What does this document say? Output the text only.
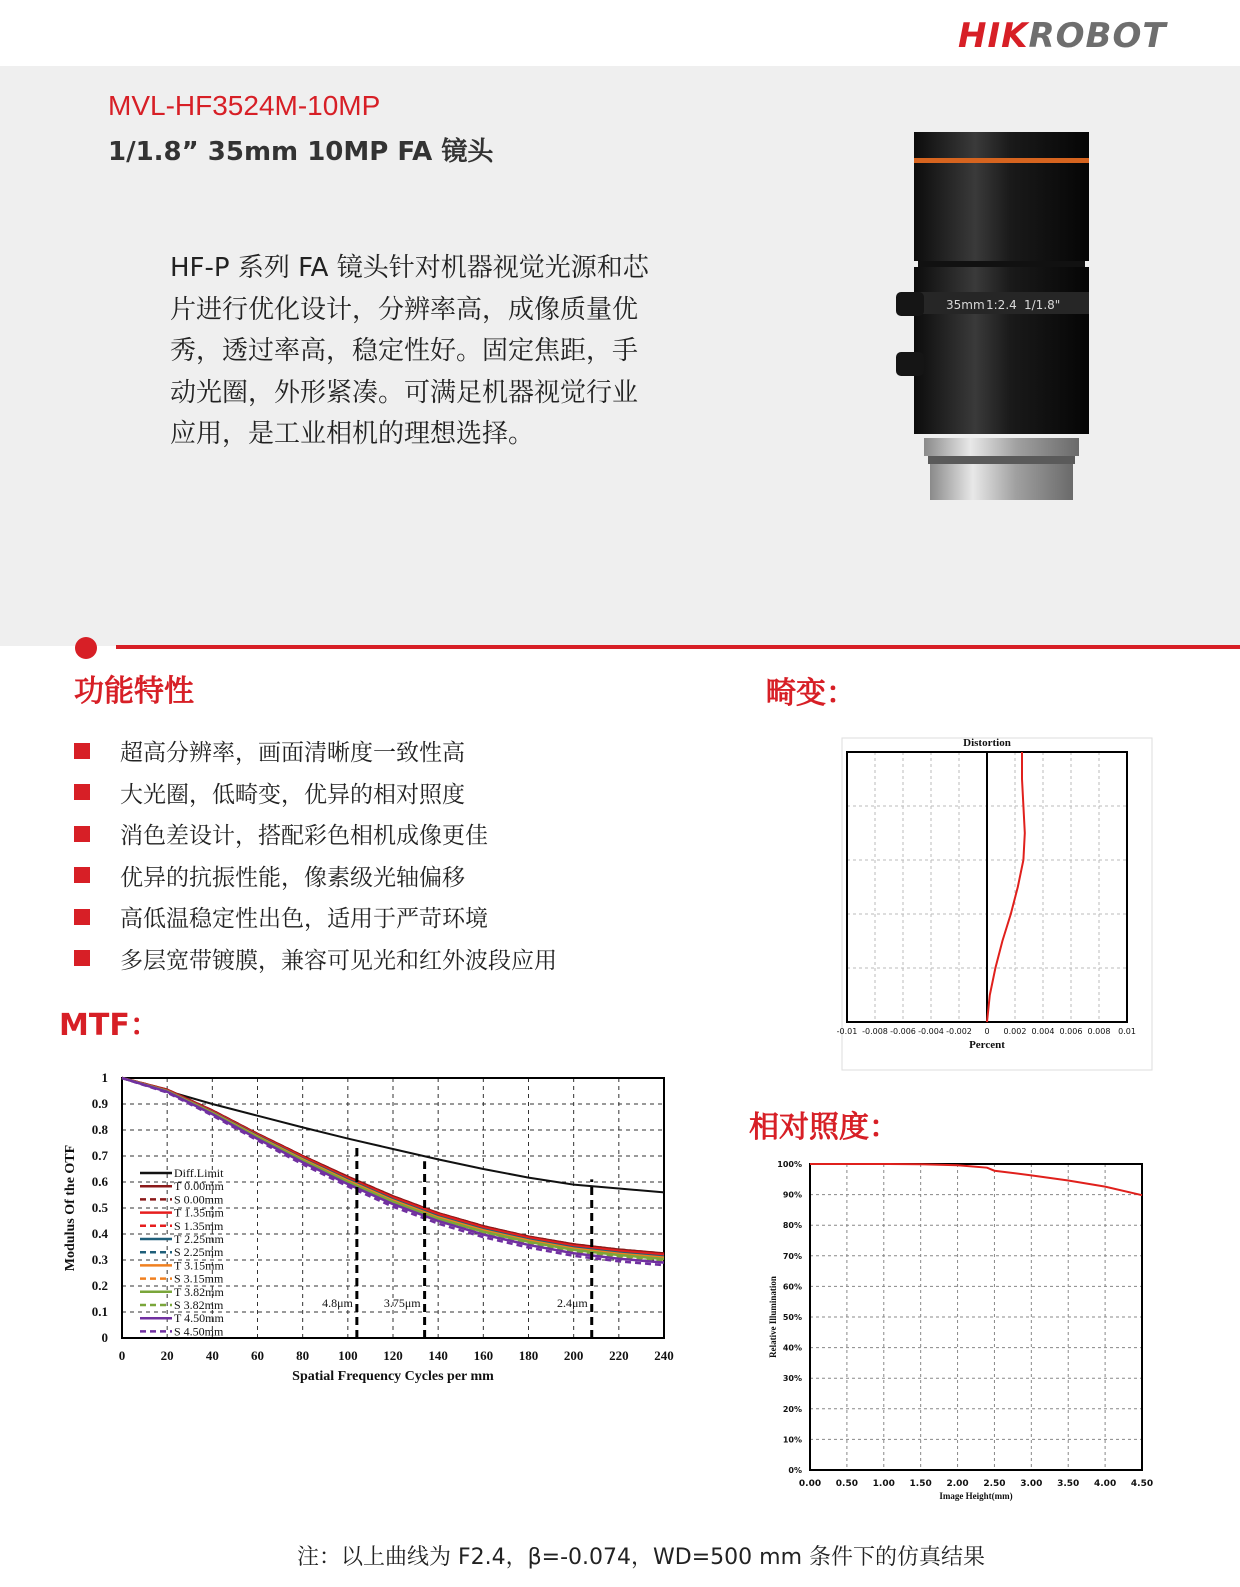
HIKROBOT
MVL-HF3524M-10MP
1/1.8” 35mm 10MP FA 镜头
HF-P 系列 FA 镜头针对机器视觉光源和芯片进行优化设计，分辨率高，成像质量优秀，透过率高，稳定性好。固定焦距，手动光圈，外形紧凑。可满足机器视觉行业应用，是工业相机的理想选择。
35mm 1:2.4 1/1.8"
功能特性	畸变：
MTF：
相对照度：
超高分辨率，画面清晰度一致性高
大光圈，低畸变，优异的相对照度
消色差设计，搭配彩色相机成像更佳
优异的抗振性能，像素级光轴偏移
高低温稳定性出色，适用于严苛环境
多层宽带镀膜，兼容可见光和红外波段应用
-0.01 -0.008 -0.006 -0.004 -0.002 0 0.002 0.004 0.006 0.008 0.01
Distortion
Percent
0	20 40 60 80 100 120 140 160 180 200 220 240
0
0.1
0.2
0.3
0.4
0.5
0.6
0.7
0.8
0.9
1
4.8μm	3.75μm	2.4μm
Diff.Limit
T 0.00mm
S 0.00mm
T 1.35mm
S 1.35mm
T 2.25mm
S 2.25mm
T 3.15mm
S 3.15mm
T 3.82mm
S 3.82mm
T 4.50mm
S 4.50mm
Spatial Frequency Cycles per mm
Modulus Of the OTF
0.00 0.50 1.00 1.50 2.00 2.50 3.00 3.50 4.00 4.50
0%
10%
20%
30%
40%
50%
60%
70%
80%
90%
100%
Image Height(mm)
Relative Illumination
注：以上曲线为 F2.4，β=-0.074，WD=500 mm 条件下的仿真结果
